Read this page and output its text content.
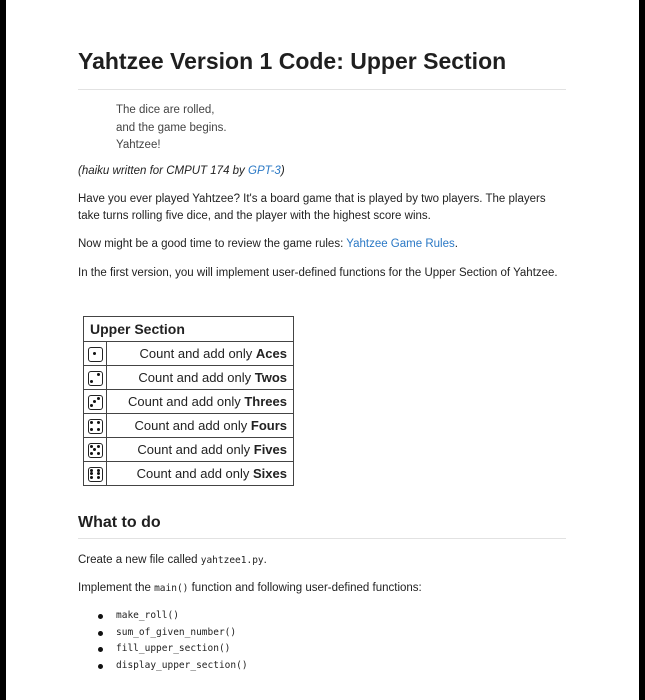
Yahtzee Version 1 Code: Upper Section
The dice are rolled,
and the game begins.
Yahtzee!
(haiku written for CMPUT 174 by GPT-3)
Have you ever played Yahtzee? It's a board game that is played by two players. The players take turns rolling five dice, and the player with the highest score wins.
Now might be a good time to review the game rules: Yahtzee Game Rules.
In the first version, you will implement user-defined functions for the Upper Section of Yahtzee.
Upper Section	

	Count and add only Aces

	Count and add only Twos

	Count and add only Threes

	Count and add only Fours

	Count and add only Fives

	Count and add only Sixes
What to do
Create a new file called yahtzee1.py.
Implement the main() function and following user-defined functions:
make_roll()
sum_of_given_number()
fill_upper_section()
display_upper_section()
